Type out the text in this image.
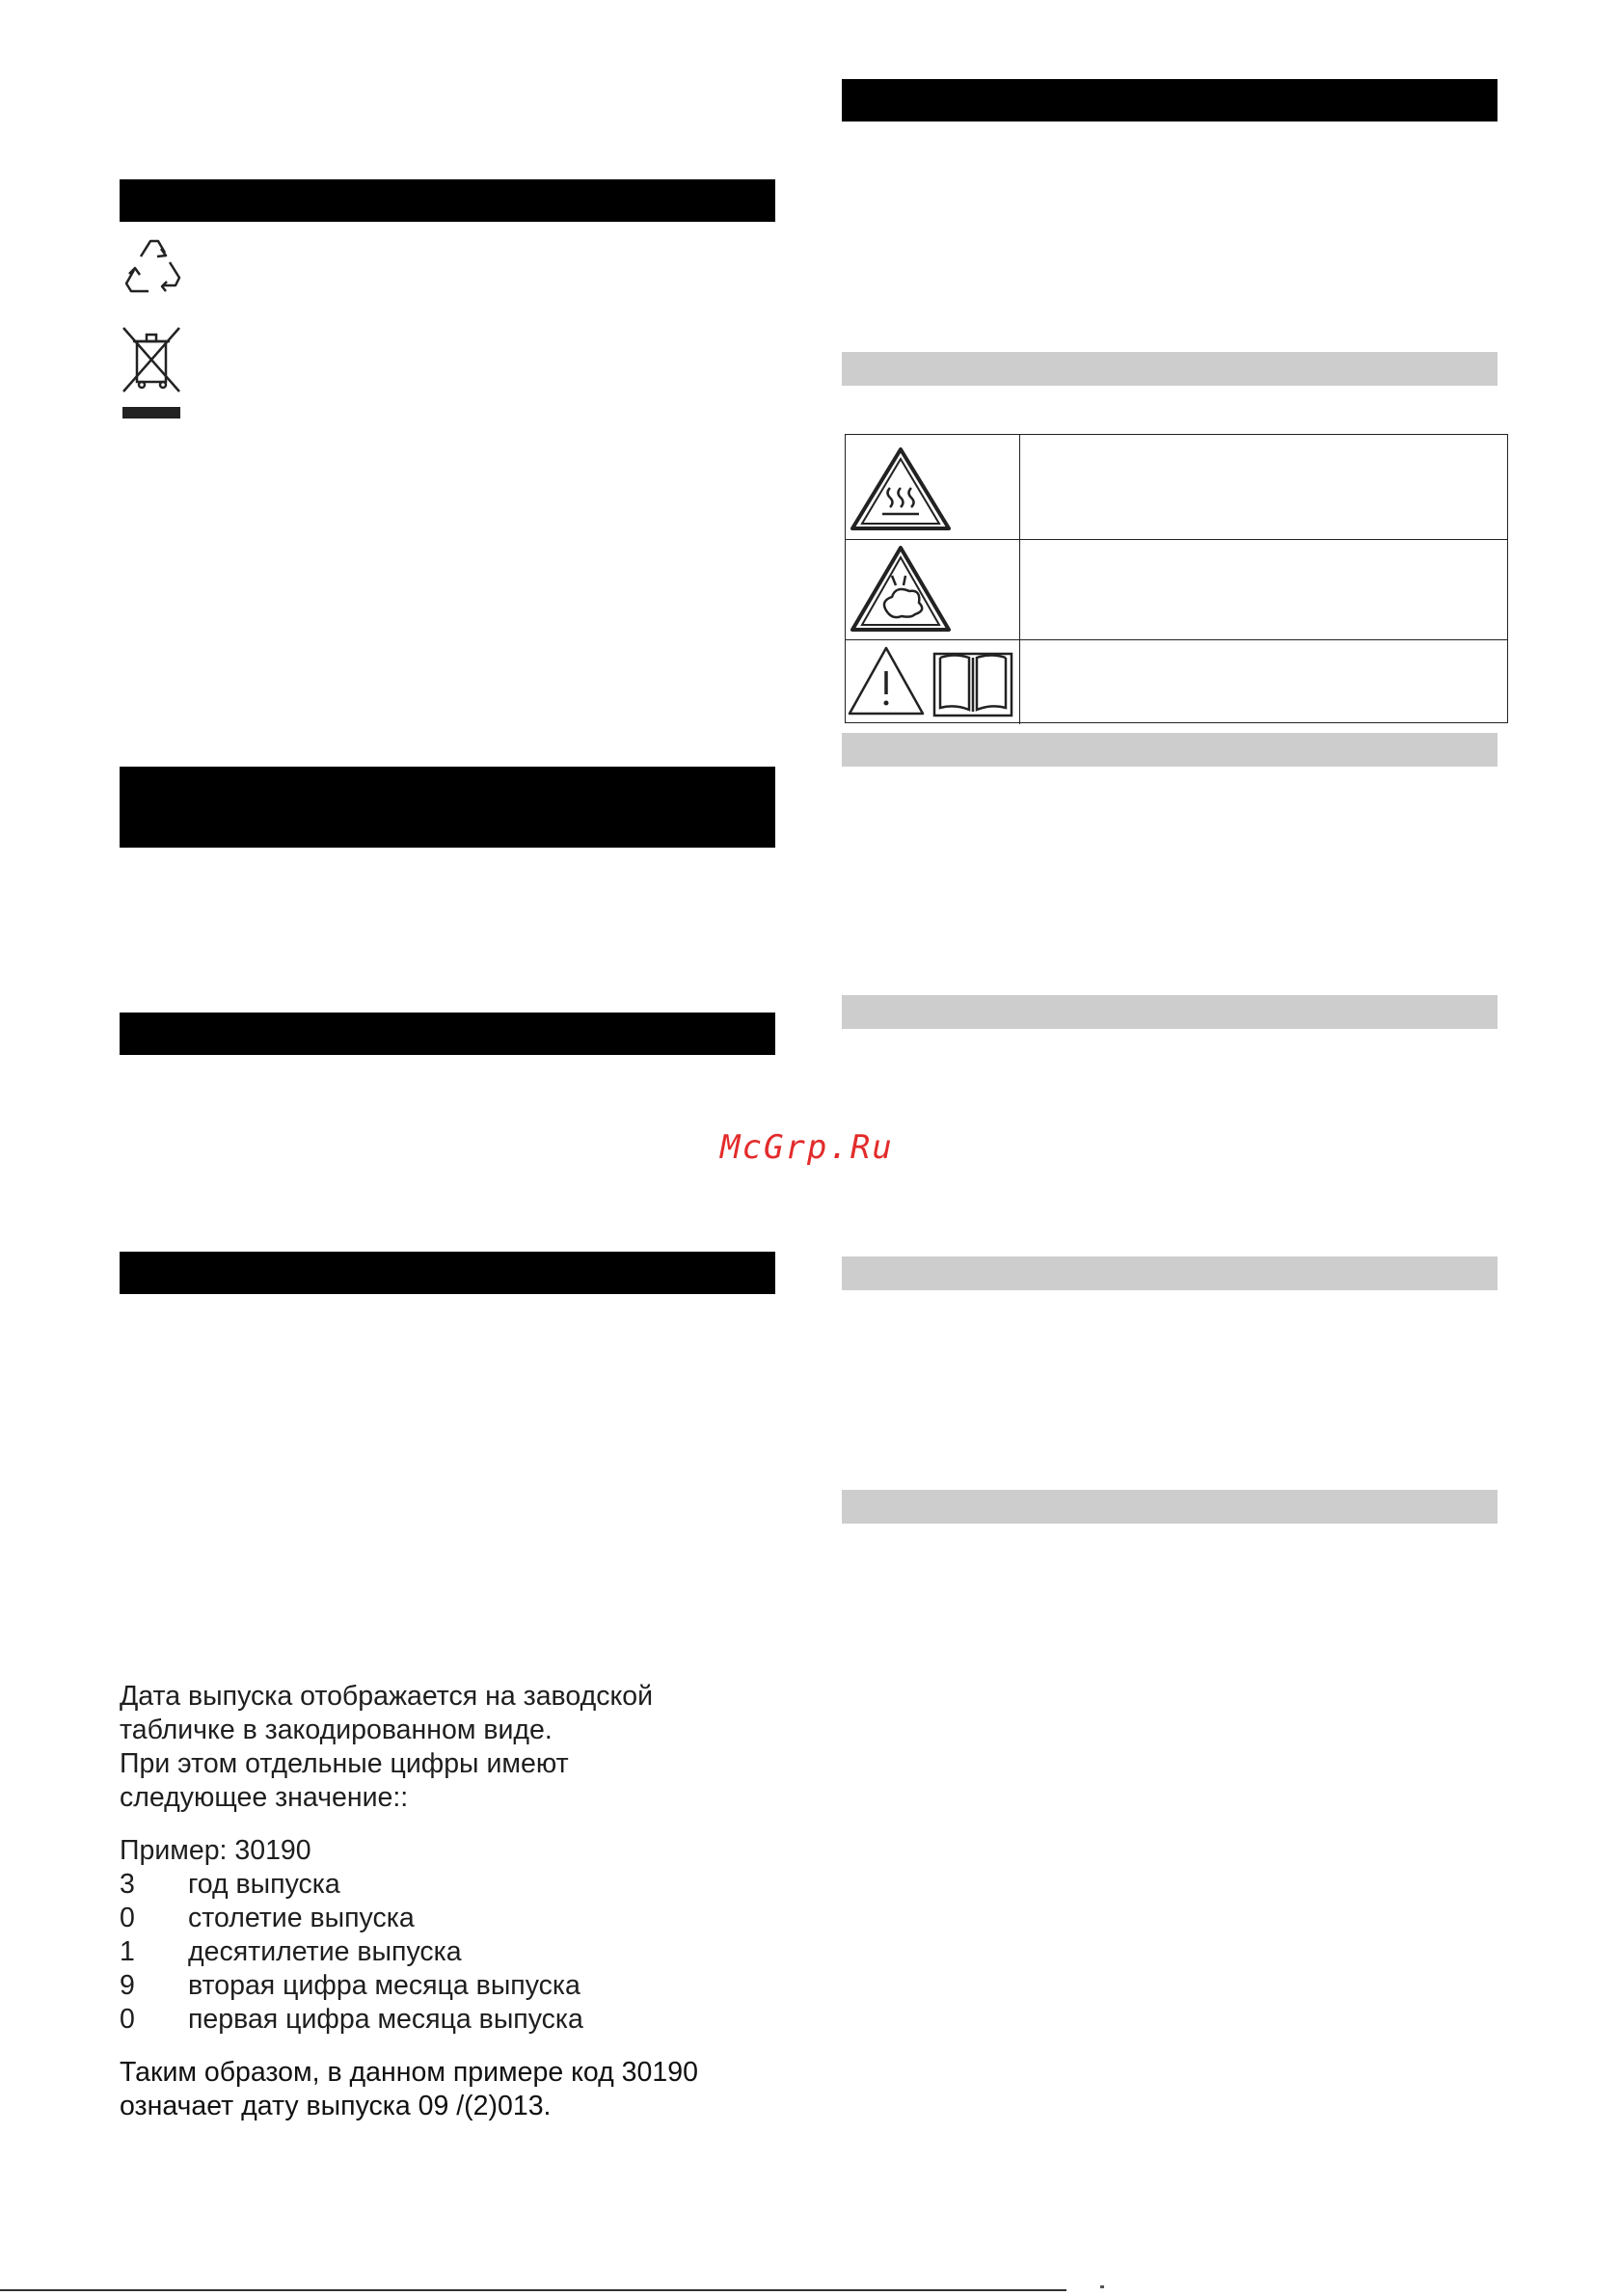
McGrp.Ru

Дата выпуска отображается на заводской

табличке в закодированном виде.

При этом отдельные цифры имеют

следующее значение::

Пример: 30190

3	год выпуска
0	столетие выпуска
1	десятилетие выпуска
9	вторая цифра месяца выпуска
0	первая цифра месяца выпуска

Таким образом, в данном примере код 30190

означает дату выпуска 09 /(2)013.
